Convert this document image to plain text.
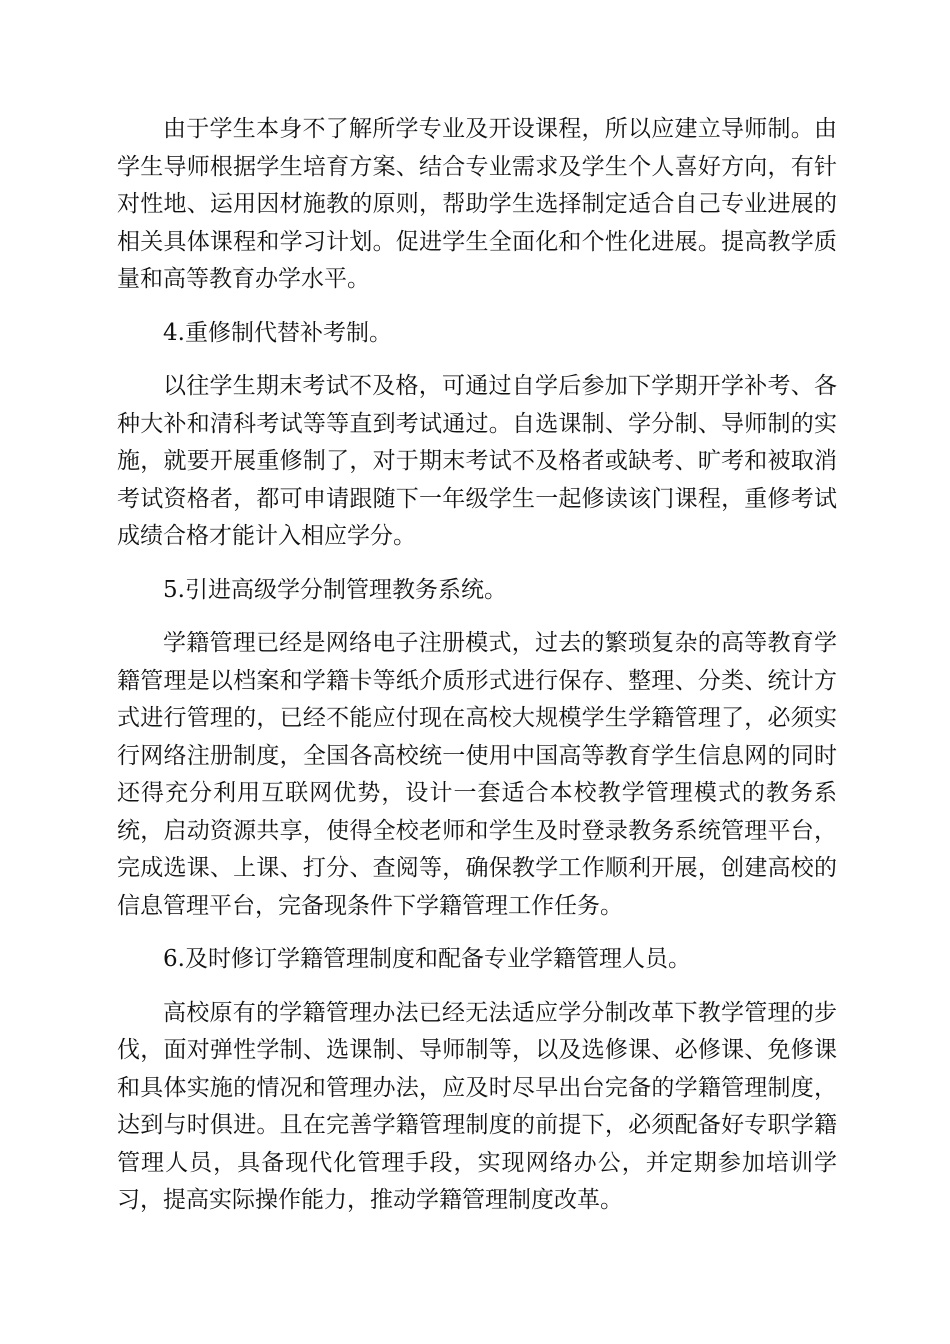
由于学生本身不了解所学专业及开设课程，所以应建立导师制。由学生导师根据学生培育方案、结合专业需求及学生个人喜好方向，有针对性地、运用因材施教的原则，帮助学生选择制定适合自己专业进展的相关具体课程和学习计划。促进学生全面化和个性化进展。提高教学质量和高等教育办学水平。

4.重修制代替补考制。

以往学生期末考试不及格，可通过自学后参加下学期开学补考、各种大补和清科考试等等直到考试通过。自选课制、学分制、导师制的实施，就要开展重修制了，对于期末考试不及格者或缺考、旷考和被取消考试资格者，都可申请跟随下一年级学生一起修读该门课程，重修考试成绩合格才能计入相应学分。

5.引进高级学分制管理教务系统。

学籍管理已经是网络电子注册模式，过去的繁琐复杂的高等教育学籍管理是以档案和学籍卡等纸介质形式进行保存、整理、分类、统计方式进行管理的，已经不能应付现在高校大规模学生学籍管理了，必须实行网络注册制度，全国各高校统一使用中国高等教育学生信息网的同时还得充分利用互联网优势，设计一套适合本校教学管理模式的教务系统，启动资源共享，使得全校老师和学生及时登录教务系统管理平台，完成选课、上课、打分、查阅等，确保教学工作顺利开展，创建高校的信息管理平台，完备现条件下学籍管理工作任务。

6.及时修订学籍管理制度和配备专业学籍管理人员。

高校原有的学籍管理办法已经无法适应学分制改革下教学管理的步伐，面对弹性学制、选课制、导师制等，以及选修课、必修课、免修课和具体实施的情况和管理办法，应及时尽早出台完备的学籍管理制度，达到与时俱进。且在完善学籍管理制度的前提下，必须配备好专职学籍管理人员，具备现代化管理手段，实现网络办公，并定期参加培训学习，提高实际操作能力，推动学籍管理制度改革。
